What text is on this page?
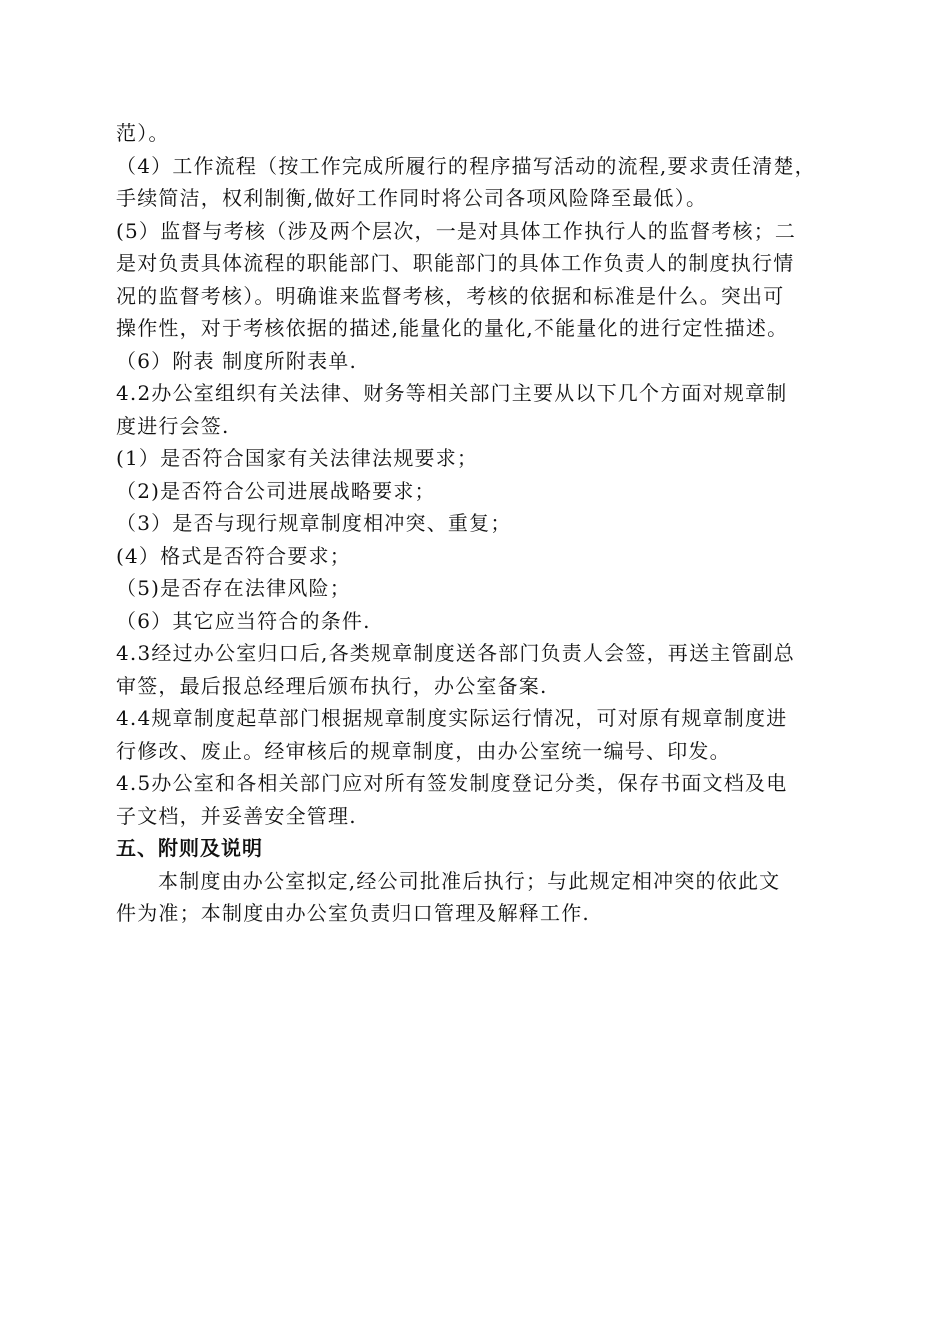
范）。
（4）工作流程（按工作完成所履行的程序描写活动的流程,要求责任清楚，
手续简洁，权利制衡,做好工作同时将公司各项风险降至最低）。
(5）监督与考核（涉及两个层次，一是对具体工作执行人的监督考核；二
是对负责具体流程的职能部门、职能部门的具体工作负责人的制度执行情
况的监督考核）。明确谁来监督考核，考核的依据和标准是什么。突出可
操作性，对于考核依据的描述,能量化的量化,不能量化的进行定性描述。
（6）附表 制度所附表单.
4.2办公室组织有关法律、财务等相关部门主要从以下几个方面对规章制
度进行会签.
(1）是否符合国家有关法律法规要求；
（2)是否符合公司进展战略要求；
（3）是否与现行规章制度相冲突、重复；
(4）格式是否符合要求；
（5)是否存在法律风险；
（6）其它应当符合的条件.
4.3经过办公室归口后,各类规章制度送各部门负责人会签，再送主管副总
审签，最后报总经理后颁布执行，办公室备案.
4.4规章制度起草部门根据规章制度实际运行情况，可对原有规章制度进
行修改、废止。经审核后的规章制度，由办公室统一编号、印发。
4.5办公室和各相关部门应对所有签发制度登记分类，保存书面文档及电
子文档，并妥善安全管理.
五、附则及说明
本制度由办公室拟定,经公司批准后执行；与此规定相冲突的依此文
件为准；本制度由办公室负责归口管理及解释工作.
